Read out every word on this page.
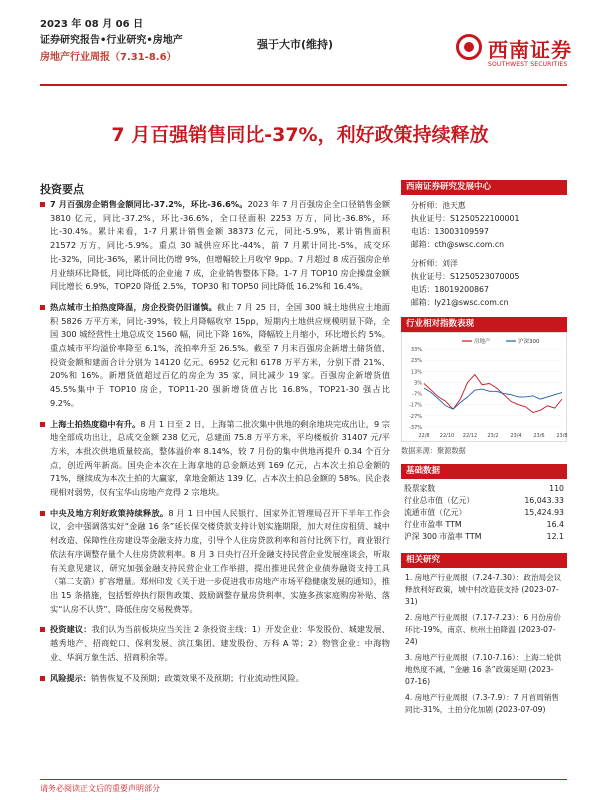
2023 年 08 月 06 日
证券研究报告•行业研究•房地产
房地产行业周报（7.31-8.6）
强于大市(维持)	西南证券
SOUTHWEST SECURITIES
7 月百强销售同比-37%，利好政策持续释放
投资要点
7 月百强房企销售金额同比-37.2%，环比-36.6%。2023 年 7 月百强房企全口径销售金额 3810 亿元，同比-37.2%，环比-36.6%，全口径面积 2253 万方，同比-36.8%，环比-30.4%。累计来看，1-7 月累计销售金额 38373 亿元，同比-5.9%，累计销售面积 21572 万方，同比-5.9%。重点 30 城供应环比-44%，前 7 月累计同比-5%，成交环比-32%，同比-36%，累计同比仍增 9%，但增幅较上月收窄 9pp。7 月超过 8 成百强房企单月业绩环比降低，同比降低的企业逾 7 成，企业销售整体下降。1-7 月 TOP10 房企操盘金额同比增长 6.9%，TOP20 降低 2.5%，TOP30 和 TOP50 同比降低 16.2%和 16.4%。
热点城市土拍热度降温，房企投资仍旧谨慎。截止 7 月 25 日，全国 300 城土地供应土地面积 5826 万平方米，同比-39%，较上月降幅收窄 15pp，短期内土地供应规模明显下降，全国 300 城经营性土地总成交 1560 幅，同比下降 16%，降幅较上月缩小，环比增长约 5%。重点城市平均溢价率降至 6.1%，流拍率升至 26.5%。截至 7 月末百强房企新增土储货值、投资金额和建面合计分别为 14120 亿元、6952 亿元和 6178 万平方米，分别下滑 21%、20%和 16%。新增货值超过百亿的房企为 35 家，同比减少 19 家。百强房企新增货值 45.5%集中于 TOP10 房企，TOP11-20 强新增货值占比 16.8%，TOP21-30 强占比 9.2%。
上海土拍热度稳中有升。8 月 1 日至 2 日，上海第二批次集中供地的剩余地块完成出让，9 宗地全部成功出让，总成交金额 238 亿元，总建面 75.8 万平方米，平均楼板价 31407 元/平方米，本批次供地质量较高，整体溢价率 8.14%，较 7 月份的集中供地再提升 0.34 个百分点，创近两年新高。国央企本次在上海拿地的总金额达到 169 亿元，占本次土拍总金额的 71%，继续成为本次土拍的大赢家，拿地金额达 139 亿，占本次土拍总金额的 58%。民企表现相对弱势，仅有宝华山房地产竞得 2 宗地块。
中央及地方利好政策持续释放。8 月 1 日中国人民银行、国家外汇管理局召开下半年工作会议，会中强调落实好“金融 16 条”延长保交楼贷款支持计划实施期限，加大对住房租赁、城中村改造、保障性住房建设等金融支持力度，引导个人住房贷款利率和首付比例下行，商业银行依法有序调整存量个人住房贷款利率。8 月 3 日央行召开金融支持民营企业发展座谈会，听取有关意见建议，研究加强金融支持民营企业工作举措，提出推进民营企业债券融资支持工具（第二支箭）扩容增量。郑州印发《关于进一步促进我市房地产市场平稳健康发展的通知》，推出 15 条措施，包括暂停执行限售政策、鼓励调整存量房贷利率、实施多孩家庭购房补贴、落实“认房不认贷”、降低住房交易税费等。
投资建议：我们认为当前板块应当关注 2 条投资主线：1）开发企业：华发股份、城建发展、越秀地产、招商蛇口、保利发展、滨江集团、建发股份、万科 A 等；2）物管企业：中海物业、华润万象生活、招商积余等。
风险提示：销售恢复不及预期；政策效果不及预期；行业流动性风险。
西南证券研究发展中心
分析师：池天惠
执业证号：S1250522100001
电话：13003109597
邮箱：cth@swsc.com.cn
分析师：刘洋
执业证号：S1250523070005
电话：18019200867
邮箱：ly21@swsc.com.cn
行业相对指数表现
33%
23%
13%
3%
-7%
-17%
-27%
-37%
22/8 22/10 22/12 23/2 23/4 23/6 23/8
房地产	沪深300
数据来源：聚源数据
基础数据
股票家数	110
行业总市值（亿元）	16,043.33
流通市值（亿元）	15,424.93
行业市盈率 TTM	16.4
沪深 300 市盈率 TTM	12.1
相关研究
1. 房地产行业周报（7.24-7.30）：政治局会议释放利好政策，城中村改造获支持 (2023-07-31)
2. 房地产行业周报（7.17-7.23）：6 月份房价环比-19%，南京、杭州土拍降温 (2023-07-24)
3. 房地产行业周报（7.10-7.16）：上海二轮供地热度不减，“金融 16 条”政策延期 (2023-07-16)
4. 房地产行业周报（7.3-7.9）：7 月首周销售同比-31%，土拍分化加剧 (2023-07-09)
请务必阅读正文后的重要声明部分
